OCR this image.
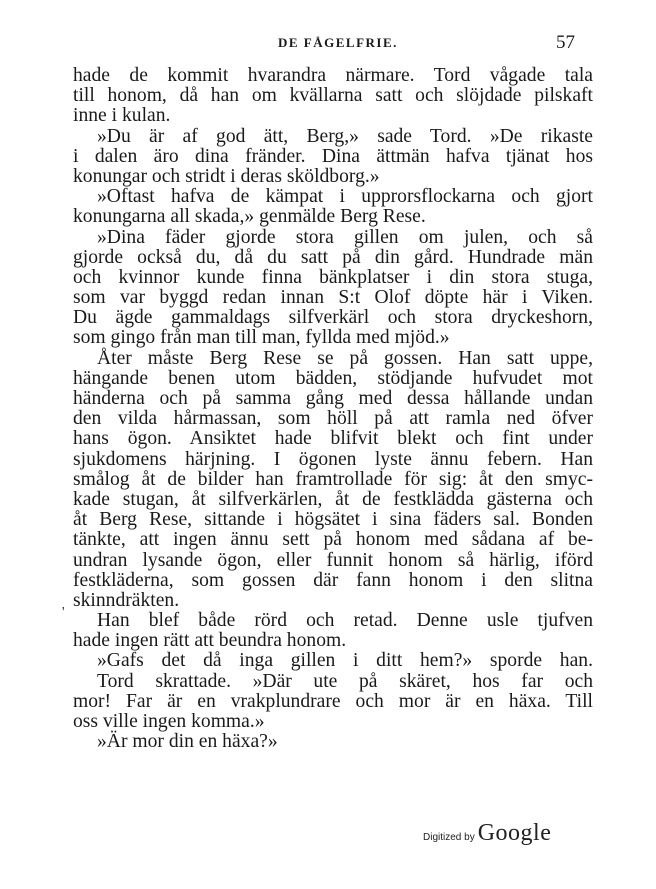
DE FÅGELFRIE.	57
'
hade de kommit hvarandra närmare. Tord vågade tala
till honom, då han om kvällarna satt och slöjdade pilskaft
inne i kulan.
»Du är af god ätt, Berg,» sade Tord. »De rikaste
i dalen äro dina fränder. Dina ättmän hafva tjänat hos
konungar och stridt i deras sköldborg.»
»Oftast hafva de kämpat i upprorsflockarna och gjort
konungarna all skada,» genmälde Berg Rese.
»Dina fäder gjorde stora gillen om julen, och så
gjorde också du, då du satt på din gård. Hundrade män
och kvinnor kunde finna bänkplatser i din stora stuga,
som var byggd redan innan S:t Olof döpte här i Viken.
Du ägde gammaldags silfverkärl och stora dryckeshorn,
som gingo från man till man, fyllda med mjöd.»
Åter måste Berg Rese se på gossen. Han satt uppe,
hängande benen utom bädden, stödjande hufvudet mot
händerna och på samma gång med dessa hållande undan
den vilda hårmassan, som höll på att ramla ned öfver
hans ögon. Ansiktet hade blifvit blekt och fint under
sjukdomens härjning. I ögonen lyste ännu febern. Han
smålog åt de bilder han framtrollade för sig: åt den smyc-
kade stugan, åt silfverkärlen, åt de festklädda gästerna och
åt Berg Rese, sittande i högsätet i sina fäders sal. Bonden
tänkte, att ingen ännu sett på honom med sådana af be-
undran lysande ögon, eller funnit honom så härlig, iförd
festkläderna, som gossen där fann honom i den slitna
skinndräkten.
Han blef både rörd och retad. Denne usle tjufven
hade ingen rätt att beundra honom.
»Gafs det då inga gillen i ditt hem?» sporde han.
Tord skrattade. »Där ute på skäret, hos far och
mor! Far är en vrakplundrare och mor är en häxa. Till
oss ville ingen komma.»
»Är mor din en häxa?»
Digitized by Google
